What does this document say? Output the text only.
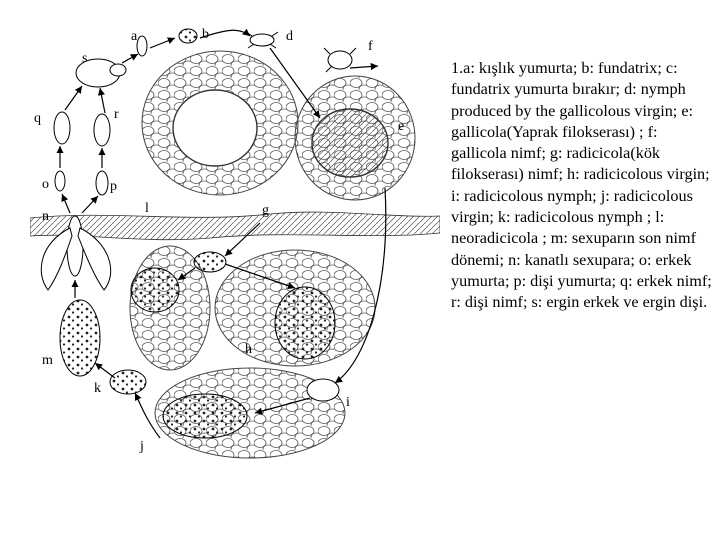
a	b	d
f
s
q	r
e
o	p
n
l	g
h
m
k
i
j
1.a: kışlık yumurta; b: fundatrix; c: fundatrix yumurta bırakır; d: nymph produced by the gallicolous virgin; e: gallicola(Yaprak filokserası) ; f: gallicola nimf; g: radicicola(kök filokserası) nimf; h: radicicolous virgin; i: radicicolous nymph; j: radicicolous virgin; k: radicicolous nymph ; l: neoradicicola ; m: sexuparın son nimf dönemi; n: kanatlı sexupara; o: erkek yumurta; p: dişi yumurta; q: erkek nimf; r: dişi nimf; s: ergin erkek ve ergin dişi.
